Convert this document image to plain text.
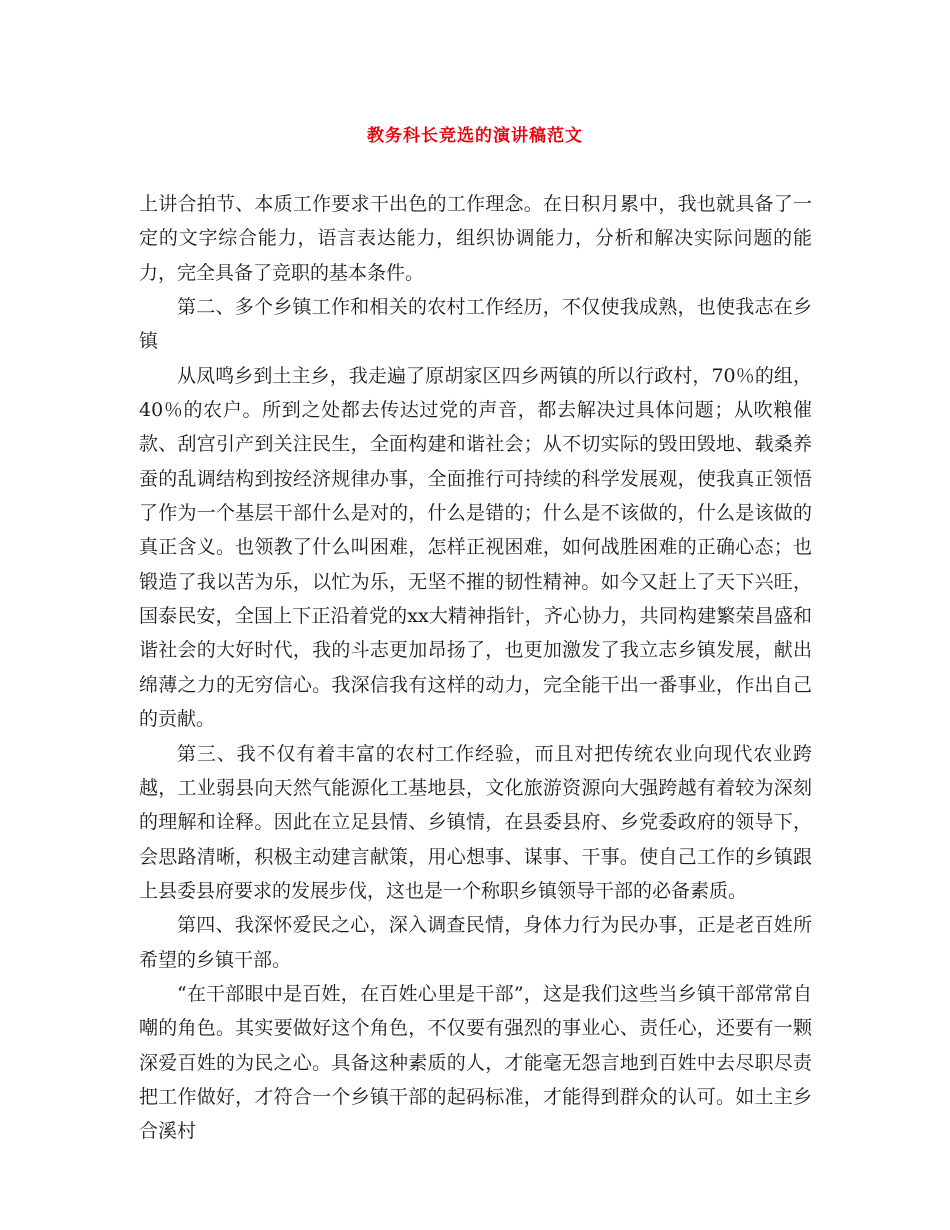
教务科长竞选的演讲稿范文

上讲合拍节、本质工作要求干出色的工作理念。在日积月累中，我也就具备了一定的文字综合能力，语言表达能力，组织协调能力，分析和解决实际问题的能力，完全具备了竞职的基本条件。

第二、多个乡镇工作和相关的农村工作经历，不仅使我成熟，也使我志在乡镇

从凤鸣乡到土主乡，我走遍了原胡家区四乡两镇的所以行政村，70％的组，40％的农户。所到之处都去传达过党的声音，都去解决过具体问题；从吹粮催款、刮宫引产到关注民生，全面构建和谐社会；从不切实际的毁田毁地、载桑养蚕的乱调结构到按经济规律办事，全面推行可持续的科学发展观，使我真正领悟了作为一个基层干部什么是对的，什么是错的；什么是不该做的，什么是该做的真正含义。也领教了什么叫困难，怎样正视困难，如何战胜困难的正确心态；也锻造了我以苦为乐，以忙为乐，无坚不摧的韧性精神。如今又赶上了天下兴旺，国泰民安，全国上下正沿着党的xx大精神指针，齐心协力，共同构建繁荣昌盛和谐社会的大好时代，我的斗志更加昂扬了，也更加激发了我立志乡镇发展，献出绵薄之力的无穷信心。我深信我有这样的动力，完全能干出一番事业，作出自己的贡献。

第三、我不仅有着丰富的农村工作经验，而且对把传统农业向现代农业跨越，工业弱县向天然气能源化工基地县，文化旅游资源向大强跨越有着较为深刻的理解和诠释。因此在立足县情、乡镇情，在县委县府、乡党委政府的领导下，会思路清晰，积极主动建言献策，用心想事、谋事、干事。使自己工作的乡镇跟上县委县府要求的发展步伐，这也是一个称职乡镇领导干部的必备素质。

第四、我深怀爱民之心，深入调查民情，身体力行为民办事，正是老百姓所希望的乡镇干部。

“在干部眼中是百姓，在百姓心里是干部”，这是我们这些当乡镇干部常常自嘲的角色。其实要做好这个角色，不仅要有强烈的事业心、责任心，还要有一颗深爱百姓的为民之心。具备这种素质的人，才能毫无怨言地到百姓中去尽职尽责把工作做好，才符合一个乡镇干部的起码标准，才能得到群众的认可。如土主乡合溪村
